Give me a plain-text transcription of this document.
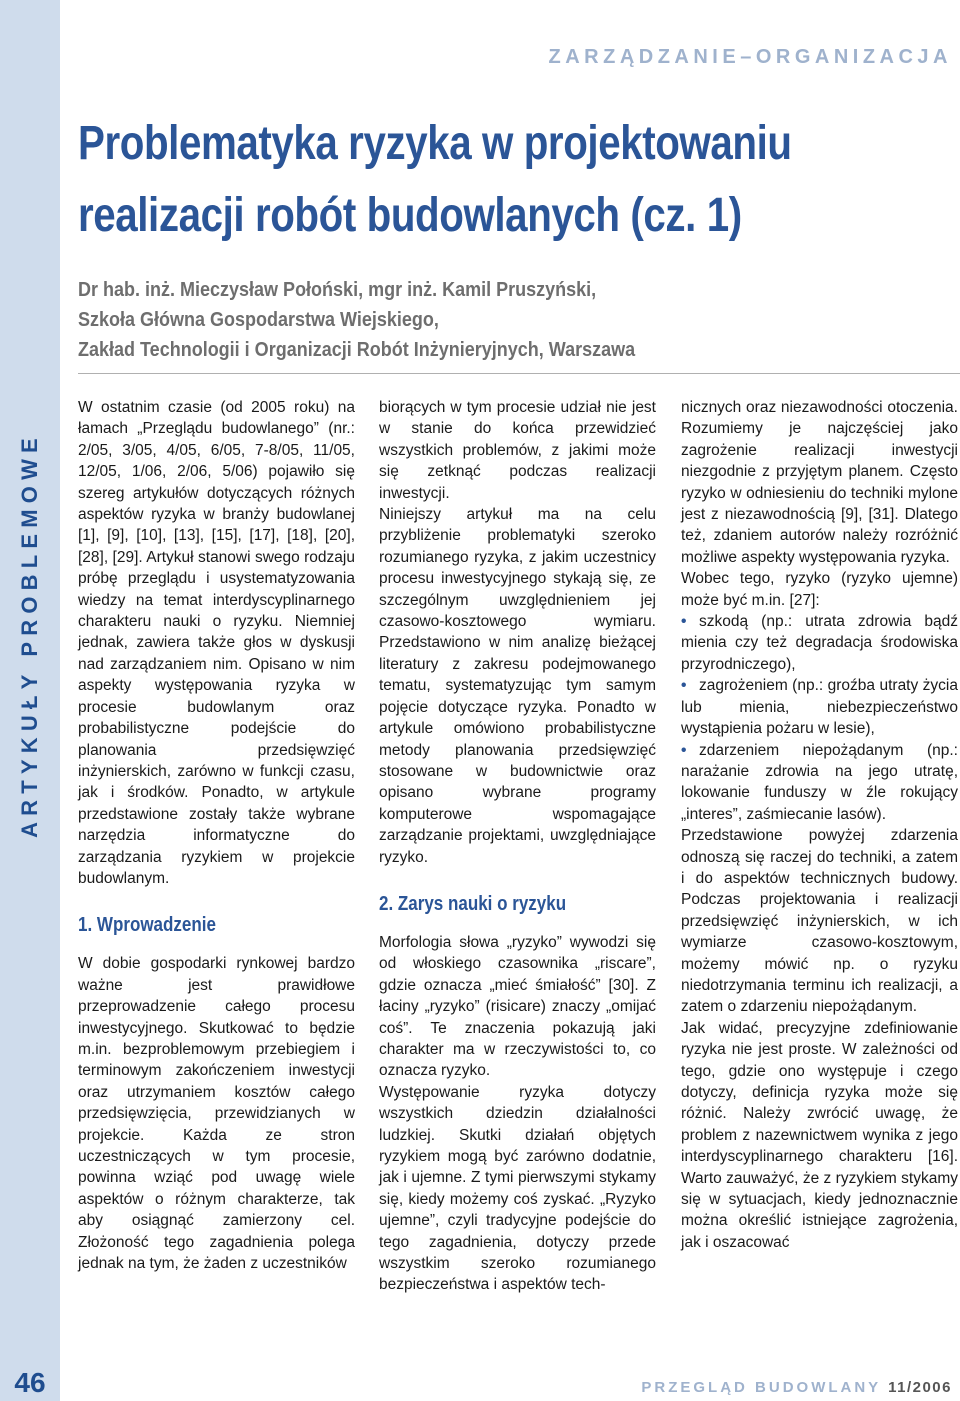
ARTYKUŁY PROBLEMOWE
46
ZARZĄDZANIE–ORGANIZACJA
Problematyka ryzyka w projektowaniu
realizacji robót budowlanych (cz. 1)
Dr hab. inż. Mieczysław Połoński, mgr inż. Kamil Pruszyński,
Szkoła Główna Gospodarstwa Wiejskiego,
Zakład Technologii i Organizacji Robót Inżynieryjnych, Warszawa

W ostatnim czasie (od 2005 roku) na łamach „Przeglądu budowlanego” (nr.: 2/05, 3/05, 4/05, 6/05, 7-8/05, 11/05, 12/05, 1/06, 2/06, 5/06) pojawiło się szereg artykułów dotyczących różnych aspektów ryzyka w branży budowlanej [1], [9], [10], [13], [15], [17], [18], [20], [28], [29]. Artykuł stanowi swego rodzaju próbę przeglądu i usystematyzowania wiedzy na temat interdyscyplinarnego charakteru nauki o ryzyku. Niemniej jednak, zawiera także głos w dyskusji nad zarządzaniem nim. Opisano w nim aspekty występowania ryzyka w procesie budowlanym oraz probabilistyczne podejście do planowania przedsięwzięć inżynierskich, zarówno w funkcji czasu, jak i środków. Ponadto, w artykule przedstawione zostały także wybrane narzędzia informatyczne do zarządzania ryzykiem w projekcie budowlanym.

1. Wprowadzenie

W dobie gospodarki rynkowej bardzo ważne jest prawidłowe przeprowadzenie całego procesu inwestycyjnego. Skutkować to będzie m.in. bezproblemowym przebiegiem i terminowym zakończeniem inwestycji oraz utrzymaniem kosztów całego przedsięwzięcia, przewidzianych w projekcie. Każda ze stron uczestniczących w tym procesie, powinna wziąć pod uwagę wiele aspektów o różnym charakterze, tak aby osiągnąć zamierzony cel. Złożoność tego zagadnienia polega jednak na tym, że żaden z uczestników

biorących w tym procesie udział nie jest w stanie do końca przewidzieć wszystkich problemów, z jakimi może się zetknąć podczas realizacji inwestycji.

Niniejszy artykuł ma na celu przybliżenie problematyki szeroko rozumianego ryzyka, z jakim uczestnicy procesu inwestycyjnego stykają się, ze szczególnym uwzględnieniem jej czasowo-kosztowego wymiaru. Przedstawiono w nim analizę bieżącej literatury z zakresu podejmowanego tematu, systematyzując tym samym pojęcie dotyczące ryzyka. Ponadto w artykule omówiono probabilistyczne metody planowania przedsięwzięć stosowane w budownictwie oraz opisano wybrane programy komputerowe wspomagające zarządzanie projektami, uwzględniające ryzyko.

2. Zarys nauki o ryzyku

Morfologia słowa „ryzyko” wywodzi się od włoskiego czasownika „riscare”, gdzie oznacza „mieć śmiałość” [30]. Z łaciny „ryzyko” (risicare) znaczy „omijać coś”. Te znaczenia pokazują jaki charakter ma w rzeczywistości to, co oznacza ryzyko.

Występowanie ryzyka dotyczy wszystkich dziedzin działalności ludzkiej. Skutki działań objętych ryzykiem mogą być zarówno dodatnie, jak i ujemne. Z tymi pierwszymi stykamy się, kiedy możemy coś zyskać. „Ryzyko ujemne”, czyli tradycyjne podejście do tego zagadnienia, dotyczy przede wszystkim szeroko rozumianego bezpieczeństwa i aspektów tech-

nicznych oraz niezawodności otoczenia. Rozumiemy je najczęściej jako zagrożenie realizacji inwestycji niezgodnie z przyjętym planem. Często ryzyko w odniesieniu do techniki mylone jest z niezawodnością [9], [31]. Dlatego też, zdaniem autorów należy rozróżnić możliwe aspekty występowania ryzyka.

Wobec tego, ryzyko (ryzyko ujemne) może być m.in. [27]:

• szkodą (np.: utrata zdrowia bądź mienia czy też degradacja środowiska przyrodniczego),

• zagrożeniem (np.: groźba utraty życia lub mienia, niebezpieczeństwo wystąpienia pożaru w lesie),

• zdarzeniem niepożądanym (np.: narażanie zdrowia na jego utratę, lokowanie funduszy w źle rokujący „interes”, zaśmiecanie lasów).

Przedstawione powyżej zdarzenia odnoszą się raczej do techniki, a zatem i do aspektów technicznych budowy. Podczas projektowania i realizacji przedsięwzięć inżynierskich, w ich wymiarze czasowo-kosztowym, możemy mówić np. o ryzyku niedotrzymania terminu ich realizacji, a zatem o zdarzeniu niepożądanym.

Jak widać, precyzyjne zdefiniowanie ryzyka nie jest proste. W zależności od tego, gdzie ono występuje i czego dotyczy, definicja ryzyka może się różnić. Należy zwrócić uwagę, że problem z nazewnictwem wynika z jego interdyscyplinarnego charakteru [16]. Warto zauważyć, że z ryzykiem stykamy się w sytuacjach, kiedy jednoznacznie można określić istniejące zagrożenia, jak i oszacować

PRZEGLĄD BUDOWLANY 11/2006
